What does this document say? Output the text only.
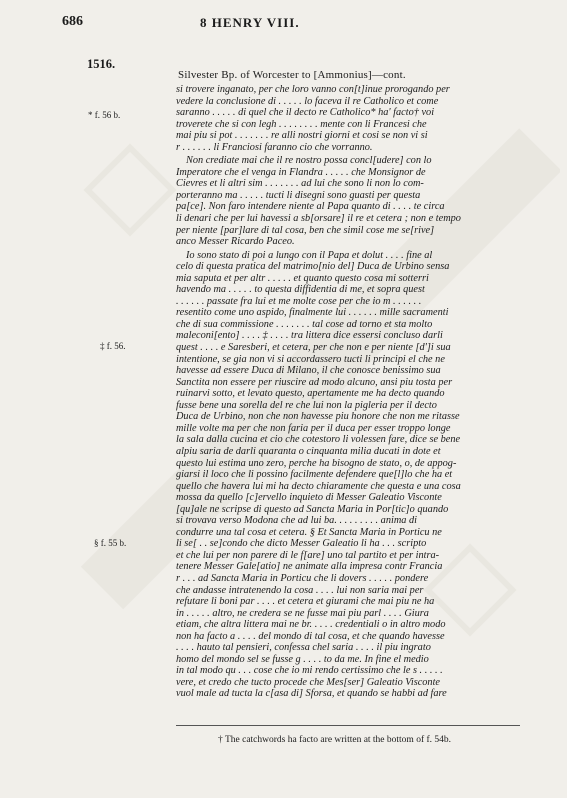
686	8 HENRY VIII.
1516.
Silvester Bp. of Worcester to [Ammonius]—cont.
* f. 56 b.
‡ f. 56.
§ f. 55 b.
si trovere inganato, per che loro vanno con[t]inue prorogando per
vedere la conclusione di . . . . . lo faceva il re Catholico et come
saranno . . . . . di quel che il decto re Catholico* ha' facto† voi
troverete che si con legh . . . . . . . . mente con li Francesi che
mai piu si pot . . . . . . . re alli nostri giorni et cosi se non vi si
r . . . . . . li Franciosi faranno cio che vorranno.
Non crediate mai che il re nostro possa concl[udere] con lo
Imperatore che el venga in Flandra . . . . . che Monsignor de
Cievres et li altri sim . . . . . . . ad lui che sono li non lo com-
porteranno ma . . . . . tucti li disegni sono guasti per questa
pa[ce]. Non faro intendere niente al Papa quanto di . . . . te circa
li denari che per lui havessi a sb[orsare] il re et cetera ; non e tempo
per niente [par]lare di tal cosa, ben che simil cose me se[rive]
anco Messer Ricardo Paceo.
Io sono stato di poi a lungo con il Papa et dolut . . . . fine al
celo di questa pratica del matrimo[nio del] Duca de Urbino sensa
mia saputa et per altr . . . . . et quanto questo cosa mi sotterri
havendo ma . . . . . to questa diffidentia di me, et sopra quest
. . . . . . passate fra lui et me molte cose per che io m . . . . . .
resentito come uno aspido, finalmente lui . . . . . . mille sacramenti
che di sua commissione . . . . . . . tal cose ad torno et sta molto
maleconi[ento] . . . . ‡ . . . . tra littera dice essersi concluso darli
quest . . . . e Saresberi, et cetera, per che non e per niente [d']i sua
intentione, se gia non vi si accordassero tucti li principi el che ne
havesse ad essere Duca di Milano, il che conosce benissimo sua
Sanctita non essere per riuscire ad modo alcuno, ansi piu tosta per
ruinarvi sotto, et levato questo, apertamente me ha decto quando
fusse bene una sorella del re che lui non la pigleria per il decto
Duca de Urbino, non che non havesse piu honore che non me ritasse
mille volte ma per che non faria per il duca per esser troppo longe
la sala dalla cucina et cio che cotestoro li volessen fare, dice se bene
alpiu saria de darli quaranta o cinquanta milia ducati in dote et
questo lui estima uno zero, perche ha bisogno de stato, o, de appog-
giarsi il loco che li possino facilmente defendere que[l]lo che ha et
quello che havera lui mi ha decto chiaramente che questa e una cosa
mossa da quello [c]ervello inquieto di Messer Galeatio Visconte
[qu]ale ne scripse di questo ad Sancta Maria in Por[tic]o quando
si trovava verso Modona che ad lui ba. . . . . . . . . anima di
condurre una tal cosa et cetera. § Et Sancta Maria in Porticu ne
li se[ . . se]condo che dicto Messer Galeatio li ha . . . scripto
et che lui per non parere di le f[are] uno tal partito et per intra-
tenere Messer Gale[atio] ne animate alla impresa contr Francia
r . . . ad Sancta Maria in Porticu che li dovers . . . . . pondere
che andasse intratenendo la cosa . . . . lui non saria mai per
refutare li boni par . . . . et cetera et giurami che mai piu ne ha
in . . . . . altro, ne credera se ne fusse mai piu parl . . . . Giura
etiam, che altra littera mai ne br. . . . . credentiali o in altro modo
non ha facto a . . . . del mondo di tal cosa, et che quando havesse
. . . . hauto tal pensieri, confessa chel saria . . . . il piu ingrato
homo del mondo sel se fusse g . . . . to da me. In fine el medio
in tal modo qu . . . cose che io mi rendo certissimo che le s . . . . .
vere, et credo che tucto procede che Mes[ser] Galeatio Visconte
vuol male ad tucta la c[asa di] Sforsa, et quando se habbi ad fare
† The catchwords ha facto are written at the bottom of f. 54b.
